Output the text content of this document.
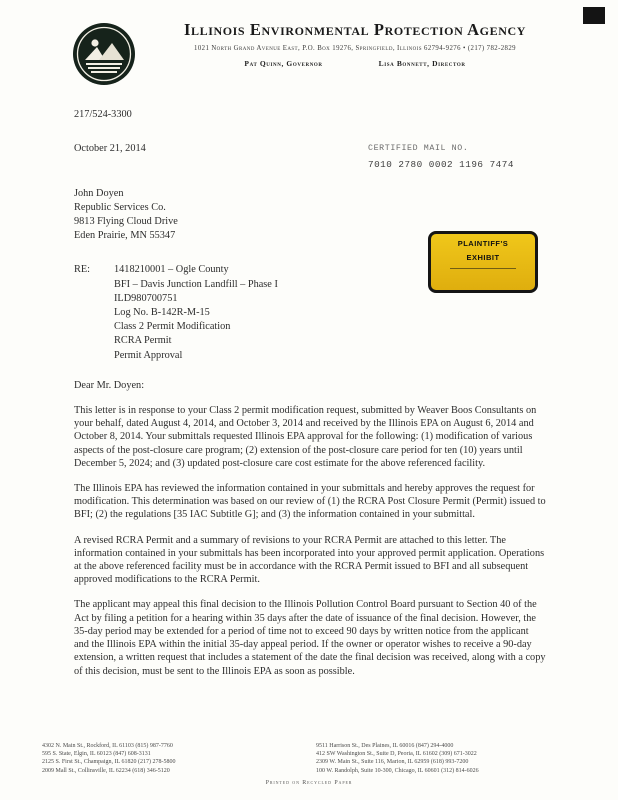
Illinois Environmental Protection Agency
1021 North Grand Avenue East, P.O. Box 19276, Springfield, Illinois 62794-9276 • (217) 782-2829
Pat Quinn, Governor	Lisa Bonnett, Director
PLAINTIFF'S
EXHIBIT
217/524-3300
October 21, 2014	CERTIFIED MAIL NO.
7010 2780 0002 1196 7474
John Doyen
Republic Services Co.
9813 Flying Cloud Drive
Eden Prairie, MN 55347
RE:	1418210001 – Ogle County
BFI – Davis Junction Landfill – Phase I
ILD980700751
Log No. B-142R-M-15
Class 2 Permit Modification
RCRA Permit
Permit Approval
Dear Mr. Doyen:

This letter is in response to your Class 2 permit modification request, submitted by Weaver Boos Consultants on your behalf, dated August 4, 2014, and October 3, 2014 and received by the Illinois EPA on August 6, 2014 and October 8, 2014. Your submittals requested Illinois EPA approval for the following: (1) modification of various aspects of the post-closure care program; (2) extension of the post-closure care period for ten (10) years until December 5, 2024; and (3) updated post-closure care cost estimate for the above referenced facility.

The Illinois EPA has reviewed the information contained in your submittals and hereby approves the request for modification. This determination was based on our review of (1) the RCRA Post Closure Permit (Permit) issued to BFI; (2) the regulations [35 IAC Subtitle G]; and (3) the information contained in your submittal.

A revised RCRA Permit and a summary of revisions to your RCRA Permit are attached to this letter. The information contained in your submittals has been incorporated into your approved permit application. Operations at the above referenced facility must be in accordance with the RCRA Permit issued to BFI and all subsequent approved modifications to the RCRA Permit.

The applicant may appeal this final decision to the Illinois Pollution Control Board pursuant to Section 40 of the Act by filing a petition for a hearing within 35 days after the date of issuance of the final decision. However, the 35-day period may be extended for a period of time not to exceed 90 days by written notice from the applicant and the Illinois EPA within the initial 35-day appeal period. If the owner or operator wishes to receive a 90-day extension, a written request that includes a statement of the date the final decision was received, along with a copy of this decision, must be sent to the Illinois EPA as soon as possible.

4302 N. Main St., Rockford, IL 61103 (815) 987-7760
595 S. State, Elgin, IL 60123 (847) 608-3131
2125 S. First St., Champaign, IL 61820 (217) 278-5800
2009 Mall St., Collinsville, IL 62234 (618) 346-5120
9511 Harrison St., Des Plaines, IL 60016 (847) 294-4000
412 SW Washington St., Suite D, Peoria, IL 61602 (309) 671-3022
2309 W. Main St., Suite 116, Marion, IL 62959 (618) 993-7200
100 W. Randolph, Suite 10-300, Chicago, IL 60601 (312) 814-6026
Printed on Recycled Paper
